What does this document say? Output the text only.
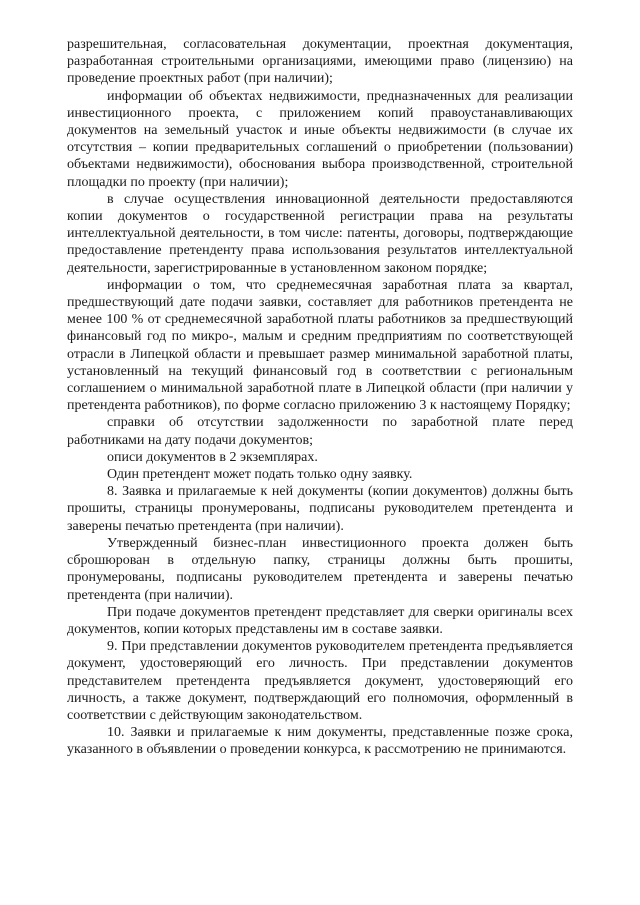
разрешительная, согласовательная документации, проектная документация, разработанная строительными организациями, имеющими право (лицензию) на проведение проектных работ (при наличии);

информации об объектах недвижимости, предназначенных для реализации инвестиционного проекта, с приложением копий правоустанавливающих документов на земельный участок и иные объекты недвижимости (в случае их отсутствия – копии предварительных соглашений о приобретении (пользовании) объектами недвижимости), обоснования выбора производственной, строительной площадки по проекту (при наличии);

в случае осуществления инновационной деятельности предоставляются копии документов о государственной регистрации права на результаты интеллектуальной деятельности, в том числе: патенты, договоры, подтверждающие предоставление претенденту права использования результатов интеллектуальной деятельности, зарегистрированные в установленном законом порядке;

информации о том, что среднемесячная заработная плата за квартал, предшествующий дате подачи заявки, составляет для работников претендента не менее 100 % от среднемесячной заработной платы работников за предшествующий финансовый год по микро-, малым и средним предприятиям по соответствующей отрасли в Липецкой области и превышает размер минимальной заработной платы, установленный на текущий финансовый год в соответствии с региональным соглашением о минимальной заработной плате в Липецкой области (при наличии у претендента работников), по форме согласно приложению 3 к настоящему Порядку;

справки об отсутствии задолженности по заработной плате перед работниками на дату подачи документов;

описи документов в 2 экземплярах.

Один претендент может подать только одну заявку.

8. Заявка и прилагаемые к ней документы (копии документов) должны быть прошиты, страницы пронумерованы, подписаны руководителем претендента и заверены печатью претендента (при наличии).

Утвержденный бизнес-план инвестиционного проекта должен быть сброшюрован в отдельную папку, страницы должны быть прошиты, пронумерованы, подписаны руководителем претендента и заверены печатью претендента (при наличии).

При подаче документов претендент представляет для сверки оригиналы всех документов, копии которых представлены им в составе заявки.

9. При представлении документов руководителем претендента предъявляется документ, удостоверяющий его личность. При представлении документов представителем претендента предъявляется документ, удостоверяющий его личность, а также документ, подтверждающий его полномочия, оформленный в соответствии с действующим законодательством.

10. Заявки и прилагаемые к ним документы, представленные позже срока, указанного в объявлении о проведении конкурса, к рассмотрению не принимаются.
